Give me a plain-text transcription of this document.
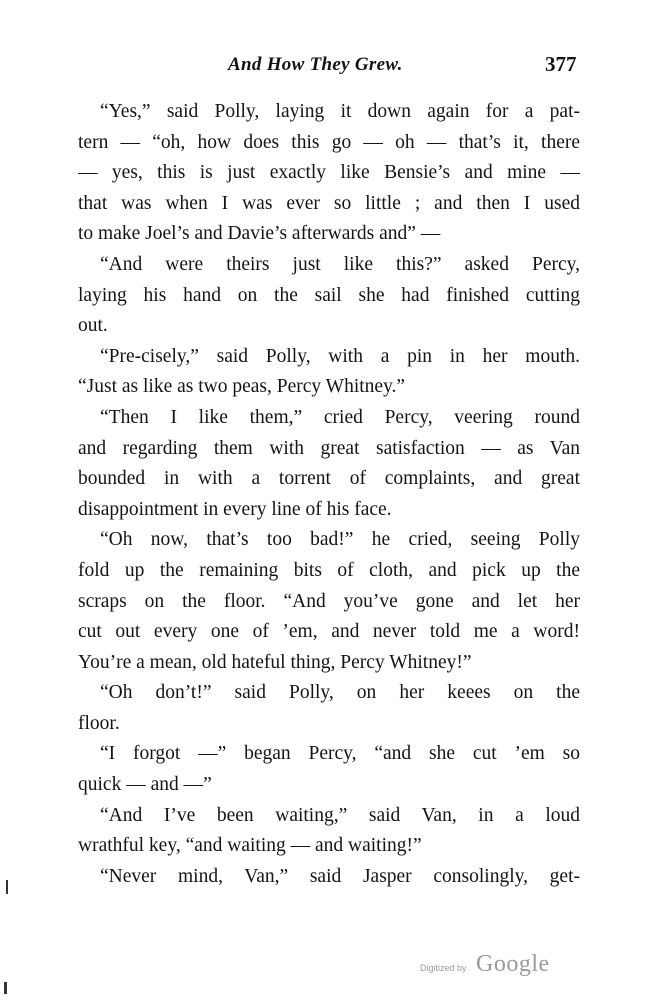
And How They Grew.	377
“Yes,” said Polly, laying it down again for a pat-
tern — “oh, how does this go — oh — that’s it, there
— yes, this is just exactly like Bensie’s and mine —
that was when I was ever so little ; and then I used
to make Joel’s and Davie’s afterwards and” —
“And were theirs just like this?” asked Percy,
laying his hand on the sail she had finished cutting
out.
“Pre-cisely,” said Polly, with a pin in her mouth.
“Just as like as two peas, Percy Whitney.”
“Then I like them,” cried Percy, veering round
and regarding them with great satisfaction — as Van
bounded in with a torrent of complaints, and great
disappointment in every line of his face.
“Oh now, that’s too bad!” he cried, seeing Polly
fold up the remaining bits of cloth, and pick up the
scraps on the floor. “And you’ve gone and let her
cut out every one of ’em, and never told me a word!
You’re a mean, old hateful thing, Percy Whitney!”
“Oh don’t!” said Polly, on her keees on the
floor.
“I forgot —” began Percy, “and she cut ’em so
quick — and —”
“And I’ve been waiting,” said Van, in a loud
wrathful key, “and waiting — and waiting!”
“Never mind, Van,” said Jasper consolingly, get-
Digitized by Google
